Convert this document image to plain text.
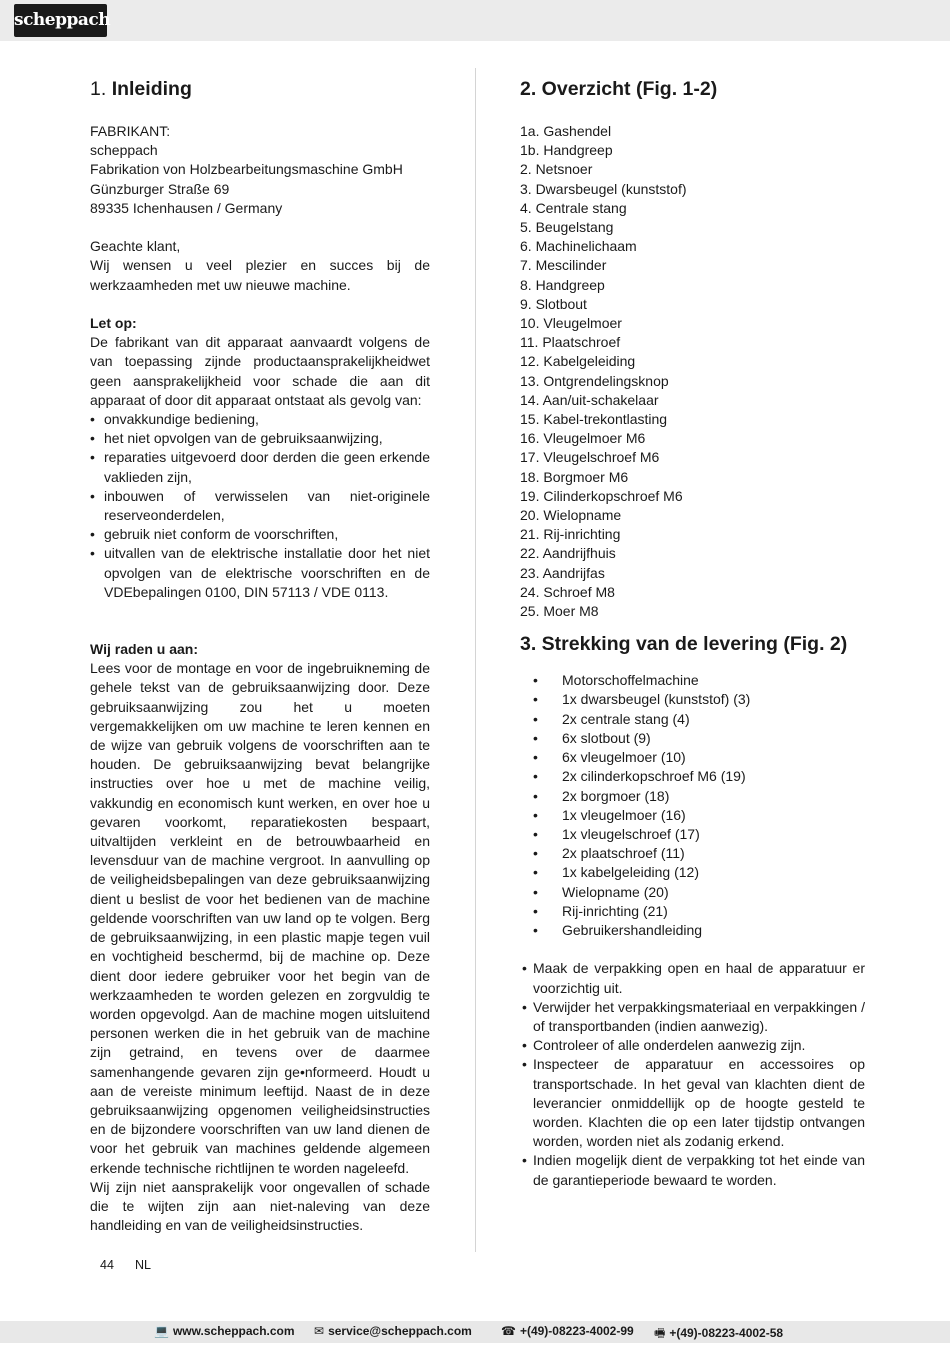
scheppach
1. Inleiding

FABRIKANT:

scheppach

Fabrikation von Holzbearbeitungsmaschine GmbH

Günzburger Straße 69

89335 Ichenhausen / Germany

Geachte klant,

Wij wensen u veel plezier en succes bij de werkzaamheden met uw nieuwe machine.

Let op:

De fabrikant van dit apparaat aanvaardt volgens de van toepassing zijnde productaansprakelijkheidwet geen aansprakelijkheid voor schade die aan dit apparaat of door dit apparaat ontstaat als gevolg van:

• onvakkundige bediening,
• het niet opvolgen van de gebruiksaanwijzing,
• reparaties uitgevoerd door derden die geen erkende vaklieden zijn,
• inbouwen of verwisselen van niet-originele reserveonderdelen,
• gebruik niet conform de voorschriften,
• uitvallen van de elektrische installatie door het niet opvolgen van de elektrische voorschriften en de VDEbepalingen 0100, DIN 57113 / VDE 0113.

Wij raden u aan:

Lees voor de montage en voor de ingebruikneming de gehele tekst van de gebruiksaanwijzing door. Deze gebruiksaanwijzing zou het u moeten vergemakkelijken om uw machine te leren kennen en de wijze van gebruik volgens de voorschriften aan te houden. De gebruiksaanwijzing bevat belangrijke instructies over hoe u met de machine veilig, vakkundig en economisch kunt werken, en over hoe u gevaren voorkomt, reparatiekosten bespaart, uitvaltijden verkleint en de betrouwbaarheid en levensduur van de machine vergroot. In aanvulling op de veiligheidsbepalingen van deze gebruiksaanwijzing dient u beslist de voor het bedienen van de machine geldende voorschriften van uw land op te volgen. Berg de gebruiksaanwijzing, in een plastic mapje tegen vuil en vochtigheid beschermd, bij de machine op. Deze dient door iedere gebruiker voor het begin van de werkzaamheden te worden gelezen en zorgvuldig te worden opgevolgd. Aan de machine mogen uitsluitend personen werken die in het gebruik van de machine zijn getraind, en tevens over de daarmee samenhangende gevaren zijn ge•nformeerd. Houdt u aan de vereiste minimum leeftijd. Naast de in deze gebruiksaanwijzing opgenomen veiligheidsinstructies en de bijzondere voorschriften van uw land dienen de voor het gebruik van machines geldende algemeen erkende technische richtlijnen te worden nageleefd.

Wij zijn niet aansprakelijk voor ongevallen of schade die te wijten zijn aan niet-naleving van deze handleiding en van de veiligheidsinstructies.

2. Overzicht (Fig. 1-2)
1a. Gashendel
1b. Handgreep
2. Netsnoer
3. Dwarsbeugel (kunststof)
4. Centrale stang
5. Beugelstang
6. Machinelichaam
7. Mescilinder
8. Handgreep
9. Slotbout
10. Vleugelmoer
11. Plaatschroef
12. Kabelgeleiding
13. Ontgrendelingsknop
14. Aan/uit-schakelaar
15. Kabel-trekontlasting
16. Vleugelmoer M6
17. Vleugelschroef M6
18. Borgmoer M6
19. Cilinderkopschroef M6
20. Wielopname
21. Rij-inrichting
22. Aandrijfhuis
23. Aandrijfas
24. Schroef M8
25. Moer M8
3. Strekking van de levering (Fig. 2)
• Motorschoffelmachine
• 1x dwarsbeugel (kunststof) (3)
• 2x centrale stang (4)
• 6x slotbout (9)
• 6x vleugelmoer (10)
• 2x cilinderkopschroef M6 (19)
• 2x borgmoer (18)
• 1x vleugelmoer (16)
• 1x vleugelschroef (17)
• 2x plaatschroef (11)
• 1x kabelgeleiding (12)
• Wielopname (20)
• Rij-inrichting (21)
• Gebruikershandleiding
• Maak de verpakking open en haal de apparatuur er voorzichtig uit.
• Verwijder het verpakkingsmateriaal en verpakkingen / of transportbanden (indien aanwezig).
• Controleer of alle onderdelen aanwezig zijn.
• Inspecteer de apparatuur en accessoires op transportschade. In het geval van klachten dient de leverancier onmiddellijk op de hoogte gesteld te worden. Klachten die op een later tijdstip ontvangen worden, worden niet als zodanig erkend.
• Indien mogelijk dient de verpakking tot het einde van de garantieperiode bewaard te worden.
44 NL
💻 www.scheppach.com ✉ service@scheppach.com ☎ +(49)-08223-4002-99 🖷 +(49)-08223-4002-58
